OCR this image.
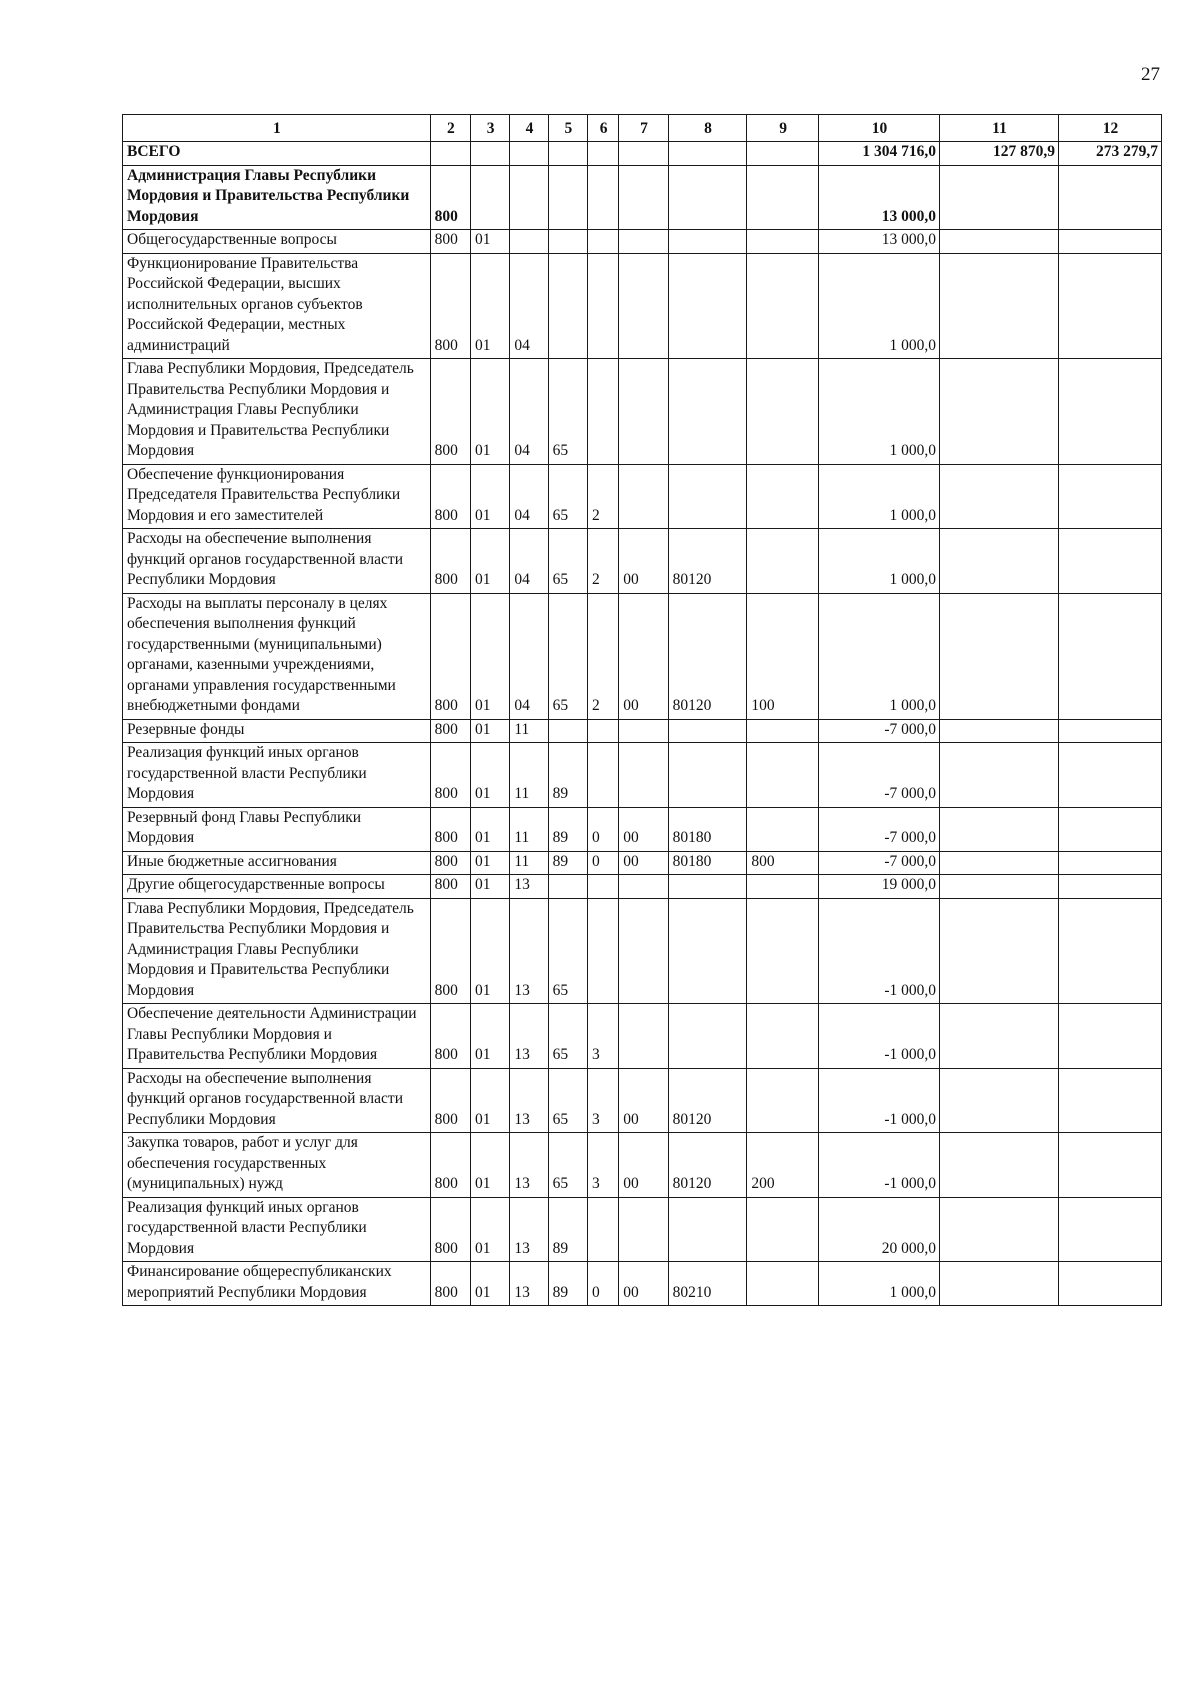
27
1	2	3	4	5	6	7	8	9	10	11	12
ВСЕГО									1 304 716,0	127 870,9	273 279,7
Администрация Главы Республики Мордовия и Правительства Республики Мордовия	800								13 000,0		
Общегосударственные вопросы	800	01							13 000,0		
Функционирование Правительства Российской Федерации, высших исполнительных органов субъектов Российской Федерации, местных администраций	800	01	04						1 000,0		
Глава Республики Мордовия, Председатель Правительства Республики Мордовия и Администрация Главы Республики Мордовия и Правительства Республики Мордовия	800	01	04	65					1 000,0		
Обеспечение функционирования Председателя Правительства Республики Мордовия и его заместителей	800	01	04	65	2				1 000,0		
Расходы на обеспечение выполнения функций органов государственной власти Республики Мордовия	800	01	04	65	2	00	80120		1 000,0		
Расходы на выплаты персоналу в целях обеспечения выполнения функций государственными (муниципальными) органами, казенными учреждениями, органами управления государственными внебюджетными фондами	800	01	04	65	2	00	80120	100	1 000,0		
Резервные фонды	800	01	11						-7 000,0		
Реализация функций иных органов государственной власти Республики Мордовия	800	01	11	89					-7 000,0		
Резервный фонд Главы Республики Мордовия	800	01	11	89	0	00	80180		-7 000,0		
Иные бюджетные ассигнования	800	01	11	89	0	00	80180	800	-7 000,0		
Другие общегосударственные вопросы	800	01	13						19 000,0		
Глава Республики Мордовия, Председатель Правительства Республики Мордовия и Администрация Главы Республики Мордовия и Правительства Республики Мордовия	800	01	13	65					-1 000,0		
Обеспечение деятельности Администрации Главы Республики Мордовия и Правительства Республики Мордовия	800	01	13	65	3				-1 000,0		
Расходы на обеспечение выполнения функций органов государственной власти Республики Мордовия	800	01	13	65	3	00	80120		-1 000,0		
Закупка товаров, работ и услуг для обеспечения государственных (муниципальных) нужд	800	01	13	65	3	00	80120	200	-1 000,0		
Реализация функций иных органов государственной власти Республики Мордовия	800	01	13	89					20 000,0		
Финансирование общереспубликанских мероприятий Республики Мордовия	800	01	13	89	0	00	80210		1 000,0		
